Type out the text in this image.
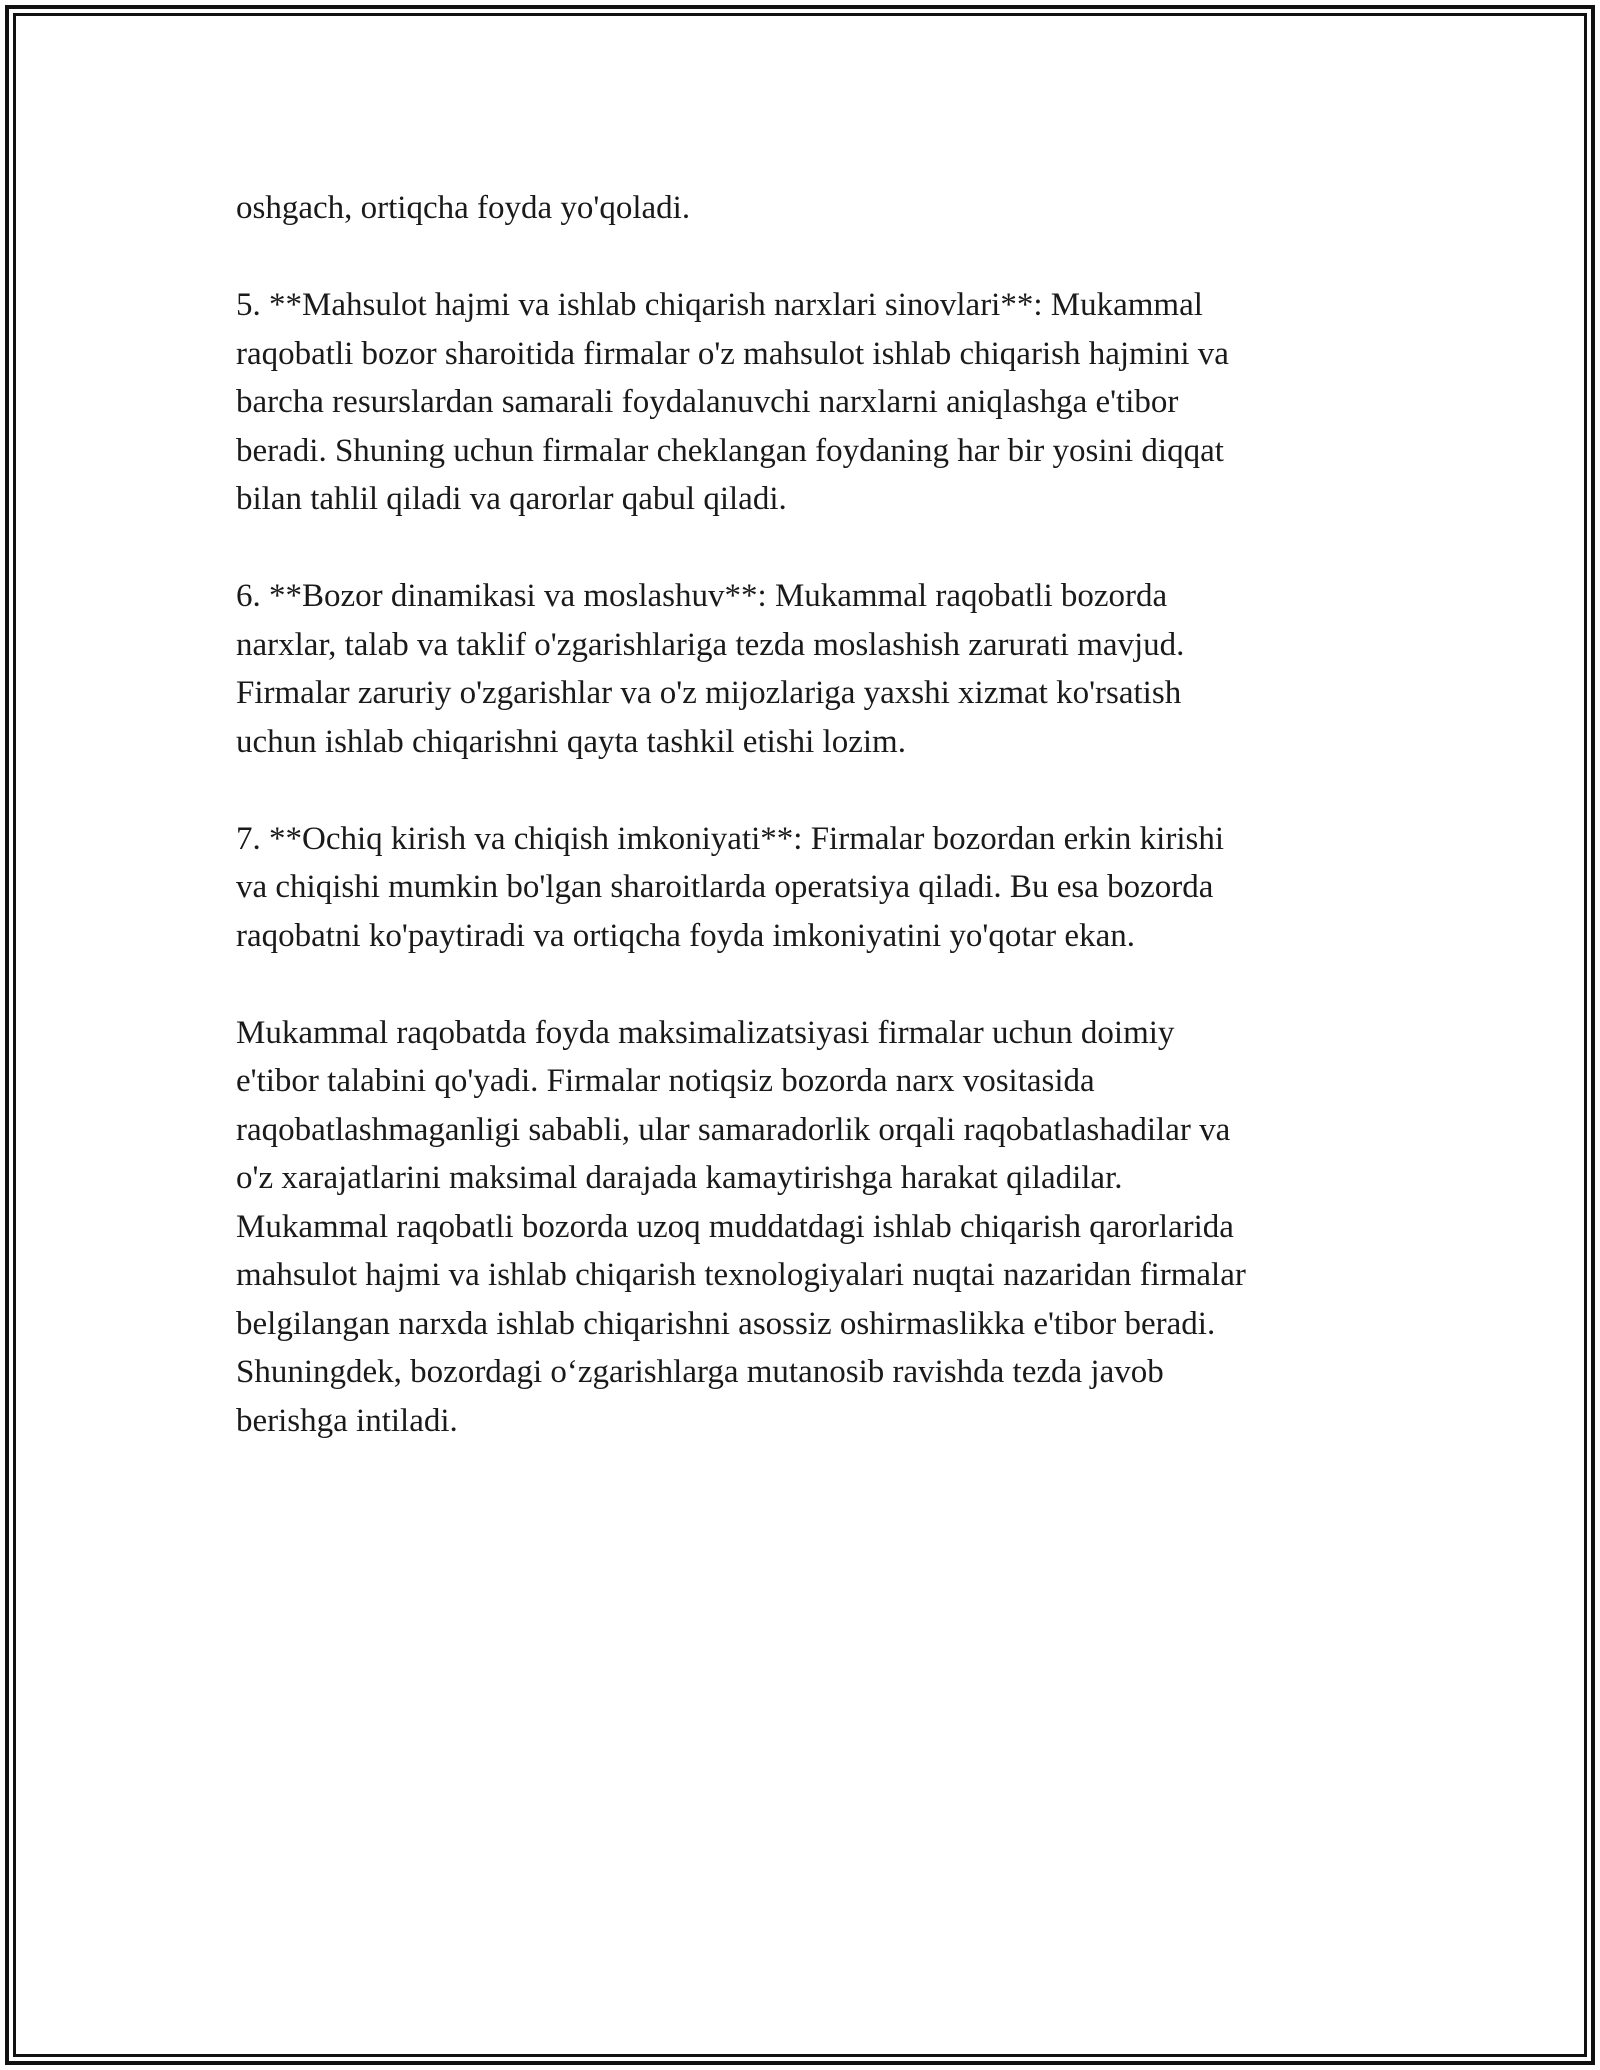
oshgach, ortiqcha foyda yo'qoladi.

5. **Mahsulot hajmi va ishlab chiqarish narxlari sinovlari**: Mukammal
raqobatli bozor sharoitida firmalar o'z mahsulot ishlab chiqarish hajmini va
barcha resurslardan samarali foydalanuvchi narxlarni aniqlashga e'tibor
beradi. Shuning uchun firmalar cheklangan foydaning har bir yosini diqqat
bilan tahlil qiladi va qarorlar qabul qiladi.

6. **Bozor dinamikasi va moslashuv**: Mukammal raqobatli bozorda
narxlar, talab va taklif o'zgarishlariga tezda moslashish zarurati mavjud.
Firmalar zaruriy o'zgarishlar va o'z mijozlariga yaxshi xizmat ko'rsatish
uchun ishlab chiqarishni qayta tashkil etishi lozim.

7. **Ochiq kirish va chiqish imkoniyati**: Firmalar bozordan erkin kirishi
va chiqishi mumkin bo'lgan sharoitlarda operatsiya qiladi. Bu esa bozorda
raqobatni ko'paytiradi va ortiqcha foyda imkoniyatini yo'qotar ekan.

Mukammal raqobatda foyda maksimalizatsiyasi firmalar uchun doimiy
e'tibor talabini qo'yadi. Firmalar notiqsiz bozorda narx vositasida
raqobatlashmaganligi sababli, ular samaradorlik orqali raqobatlashadilar va
o'z xarajatlarini maksimal darajada kamaytirishga harakat qiladilar.
Mukammal raqobatli bozorda uzoq muddatdagi ishlab chiqarish qarorlarida
mahsulot hajmi va ishlab chiqarish texnologiyalari nuqtai nazaridan firmalar
belgilangan narxda ishlab chiqarishni asossiz oshirmaslikka e'tibor beradi.
Shuningdek, bozordagi o‘zgarishlarga mutanosib ravishda tezda javob
berishga intiladi.
